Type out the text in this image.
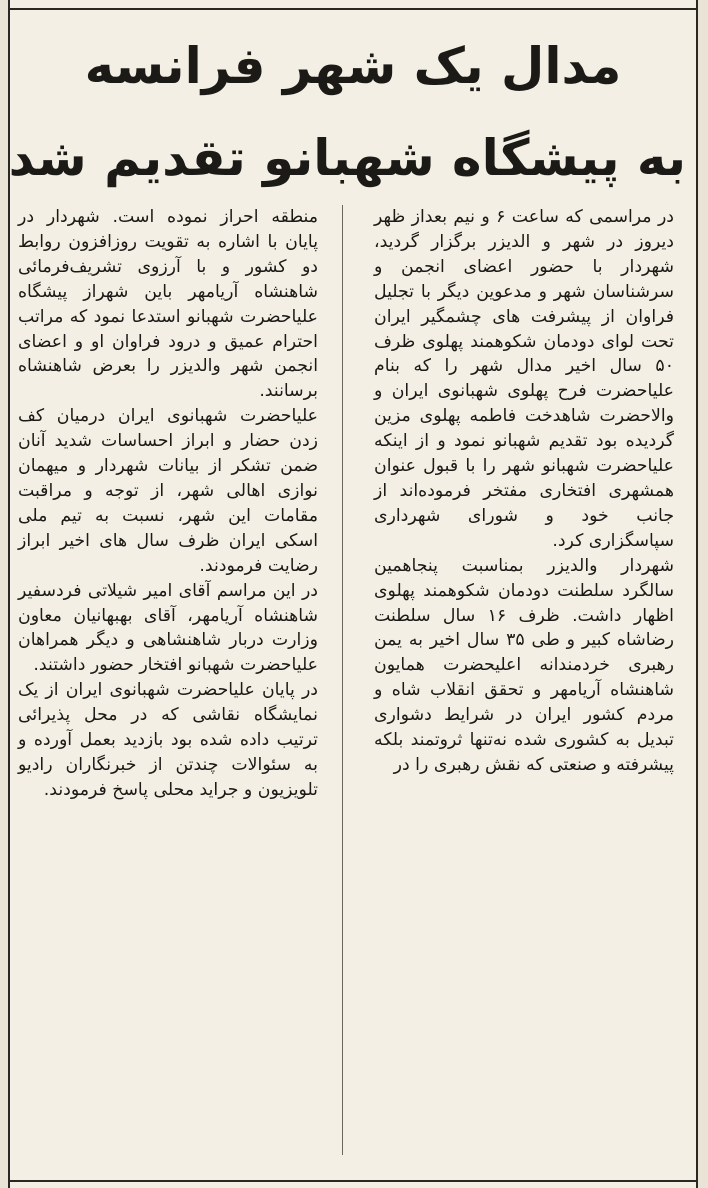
مدال یک شهر فرانسه
به پیشگاه شهبانو تقدیم شد

در مراسمی که ساعت ۶ و نیم بعداز ظهر دیروز در شهر و الدیزر برگزار گردید، شهردار با حضور اعضای انجمن و سرشناسان شهر و مدعوین دیگر با تجلیل فراوان از پیشرفت های چشمگیر ایران تحت لوای دودمان شکوهمند پهلوی ظرف ۵۰ سال اخیر مدال شهر را که بنام علیاحضرت فرح پهلوی شهبانوی ایران و والاحضرت شاهدخت فاطمه پهلوی مزین گردیده بود تقدیم شهبانو نمود و از اینکه علیاحضرت شهبانو شهر را با قبول عنوان همشهری افتخاری مفتخر فرموده‌اند از جانب خود و شورای شهرداری سپاسگزاری کرد.

شهردار والدیزر بمناسبت پنجاهمین سالگرد سلطنت دودمان شکوهمند پهلوی اظهار داشت. ظرف ۱۶ سال سلطنت رضاشاه کبیر و طی ۳۵ سال اخیر به یمن رهبری خردمندانه اعلیحضرت همایون شاهنشاه آریامهر و تحقق انقلاب شاه و مردم کشور ایران در شرایط دشواری تبدیل به کشوری شده نه‌تنها ثروتمند بلکه پیشرفته و صنعتی که نقش رهبری را در

منطقه احراز نموده است. شهردار در پایان با اشاره به تقویت روزافزون روابط دو کشور و با آرزوی تشریف‌فرمائی شاهنشاه آریامهر باین شهراز پیشگاه علیاحضرت شهبانو استدعا نمود که مراتب احترام عمیق و درود فراوان او و اعضای انجمن شهر والدیزر را بعرض شاهنشاه برسانند.

علیاحضرت شهبانوی ایران درمیان کف زدن حضار و ابراز احساسات شدید آنان ضمن تشکر از بیانات شهردار و میهمان نوازی اهالی شهر، از توجه و مراقبت مقامات این شهر، نسبت به تیم ملی اسکی ایران ظرف سال های اخیر ابراز رضایت فرمودند.

در این مراسم آقای امیر شیلاتی فردسفیر شاهنشاه آریامهر، آقای بهبهانیان معاون وزارت دربار شاهنشاهی و دیگر همراهان علیاحضرت شهبانو افتخار حضور داشتند.

در پایان علیاحضرت شهبانوی ایران از یک نمایشگاه نقاشی که در محل پذیرائی ترتیب داده شده بود بازدید بعمل آورده و به سئوالات چندتن از خبرنگاران رادیو تلویزیون و جراید محلی پاسخ فرمودند.
